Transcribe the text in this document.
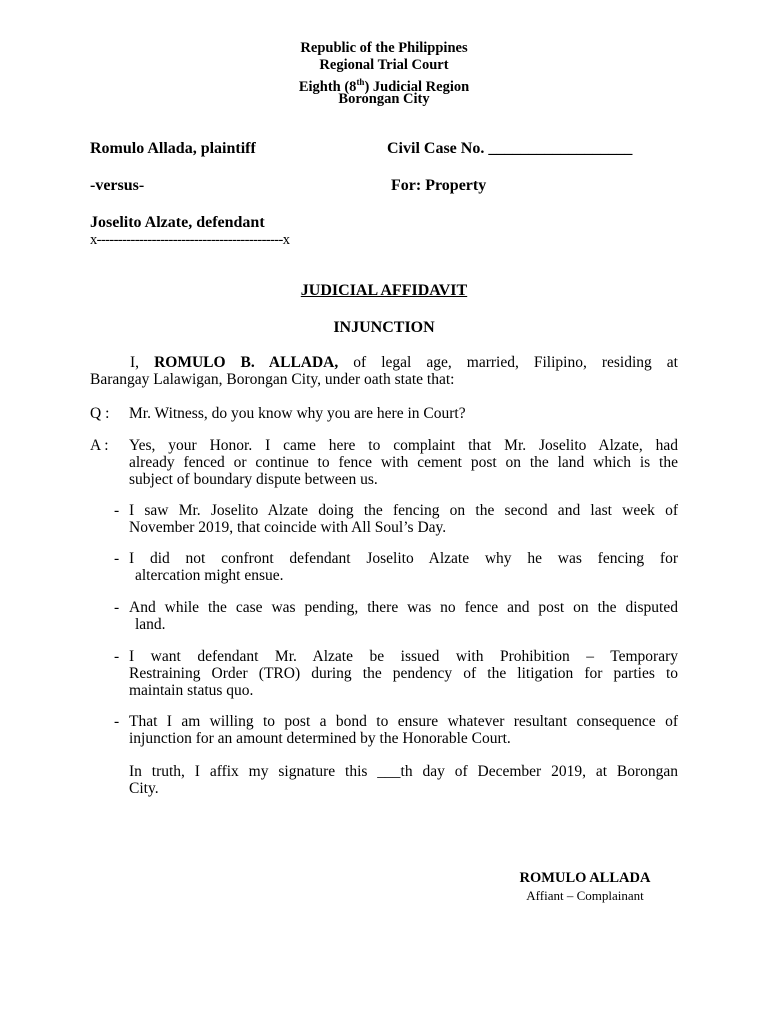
Republic of the Philippines
Regional Trial Court
Eighth (8th) Judicial Region
Borongan City
Romulo Allada, plaintiff	Civil Case No. __________________
-versus-	For: Property
Joselito Alzate, defendant
x--------------------------------------------x
JUDICIAL AFFIDAVIT
INJUNCTION
I, ROMULO B. ALLADA, of legal age, married, Filipino, residing at
Barangay Lalawigan, Borongan City, under oath state that:
Q : Mr. Witness, do you know why you are here in Court?
A : Yes, your Honor. I came here to complaint that Mr. Joselito Alzate, had
already fenced or continue to fence with cement post on the land which is the
subject of boundary dispute between us.
- I saw Mr. Joselito Alzate doing the fencing on the second and last week of
November 2019, that coincide with All Soul’s Day.
- I did not confront defendant Joselito Alzate why he was fencing for
altercation might ensue.
- And while the case was pending, there was no fence and post on the disputed
land.
- I want defendant Mr. Alzate be issued with Prohibition – Temporary
Restraining Order (TRO) during the pendency of the litigation for parties to
maintain status quo.
- That I am willing to post a bond to ensure whatever resultant consequence of
injunction for an amount determined by the Honorable Court.
In truth, I affix my signature this ___th day of December 2019, at Borongan
City.
ROMULO ALLADA
Affiant – Complainant
